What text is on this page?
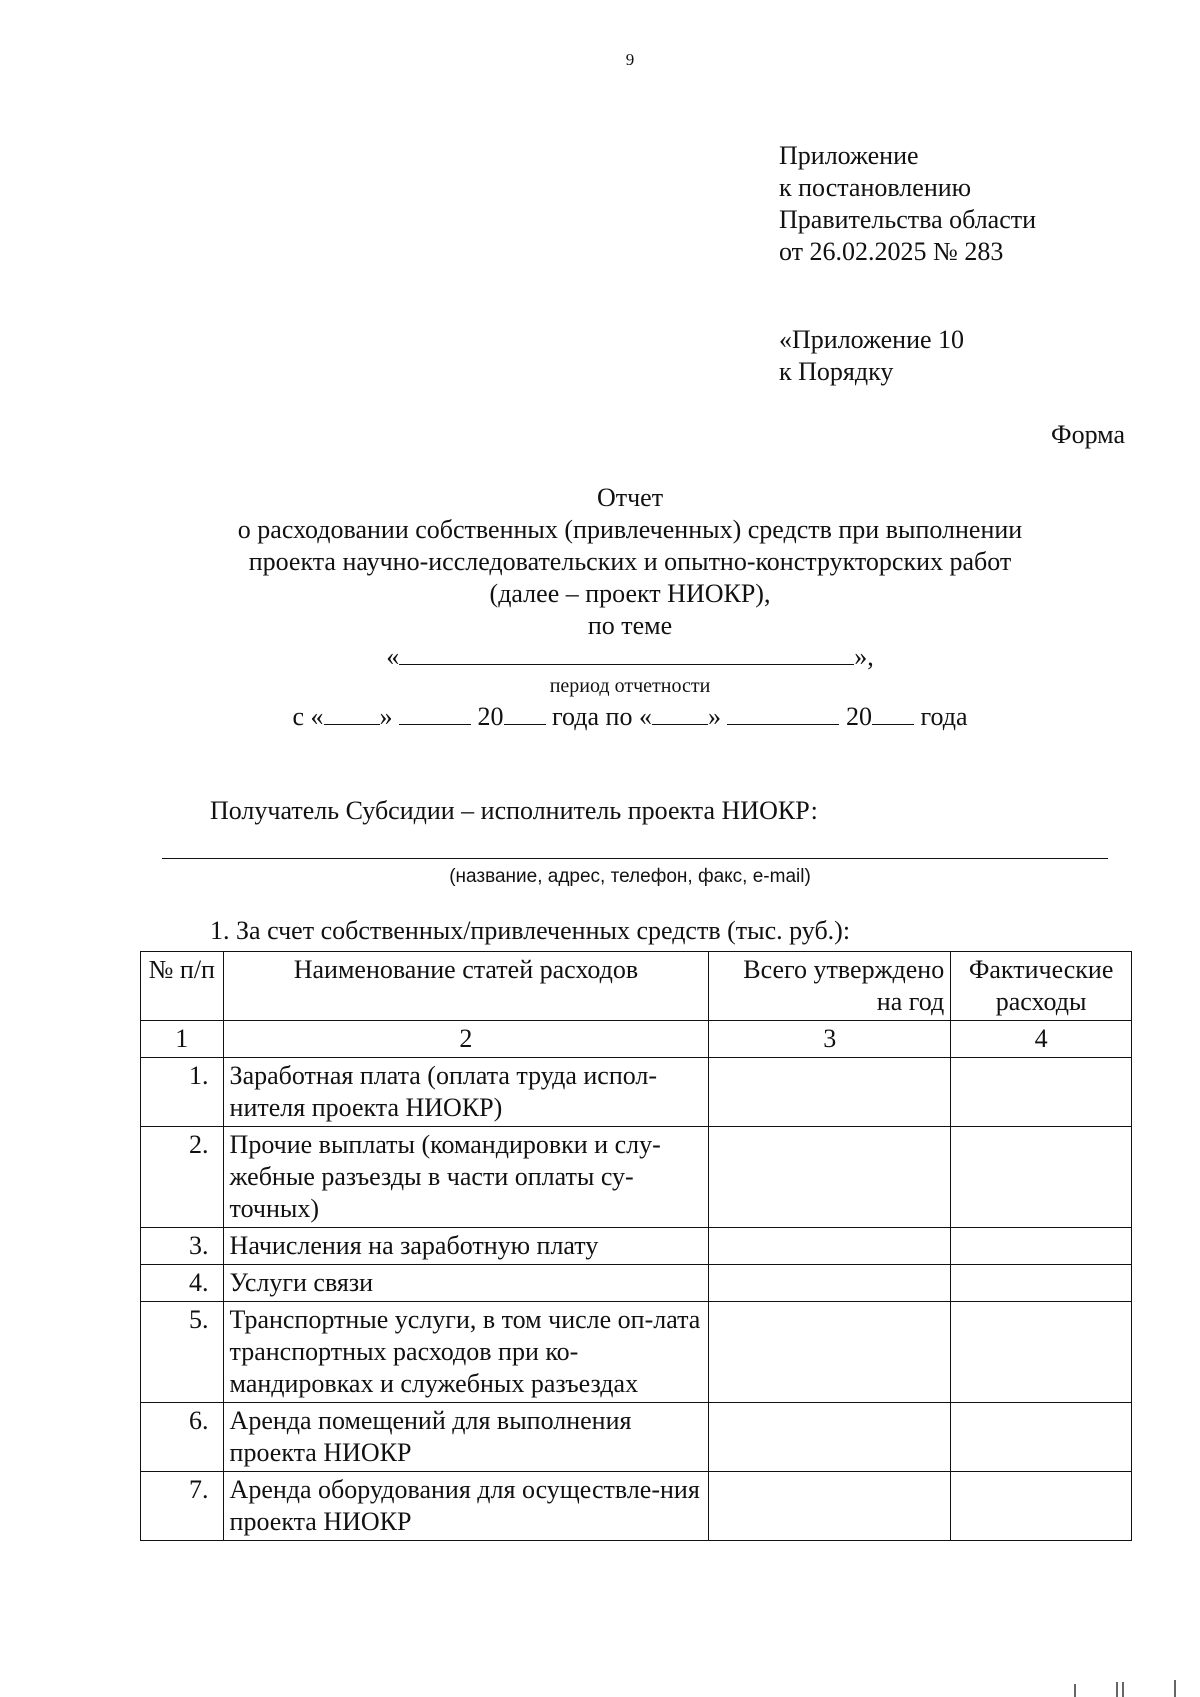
9
Приложение
к постановлению
Правительства области
от 26.02.2025 № 283
«Приложение 10
к Порядку
Форма
Отчет
о расходовании собственных (привлеченных) средств при выполнении
проекта научно-исследовательских и опытно-конструкторских работ
(далее – проект НИОКР),
по теме
«	»,
период отчетности
с « »	20 года по « »	20 года
Получатель Субсидии – исполнитель проекта НИОКР:
(название, адрес, телефон, факс, e-mail)
1. За счет собственных/привлеченных средств (тыс. руб.):
№ п/п	Наименование статей расходов	Всего утверждено на год	Фактические расходы
1	2	3	4
1.	Заработная плата (оплата труда испол-нителя проекта НИОКР)		
2.	Прочие выплаты (командировки и слу-жебные разъезды в части оплаты су-точных)		
3.	Начисления на заработную плату		
4.	Услуги связи		
5.	Транспортные услуги, в том числе оп-лата транспортных расходов при ко-мандировках и служебных разъездах		
6.	Аренда помещений для выполнения проекта НИОКР		
7.	Аренда оборудования для осуществле-ния проекта НИОКР		
